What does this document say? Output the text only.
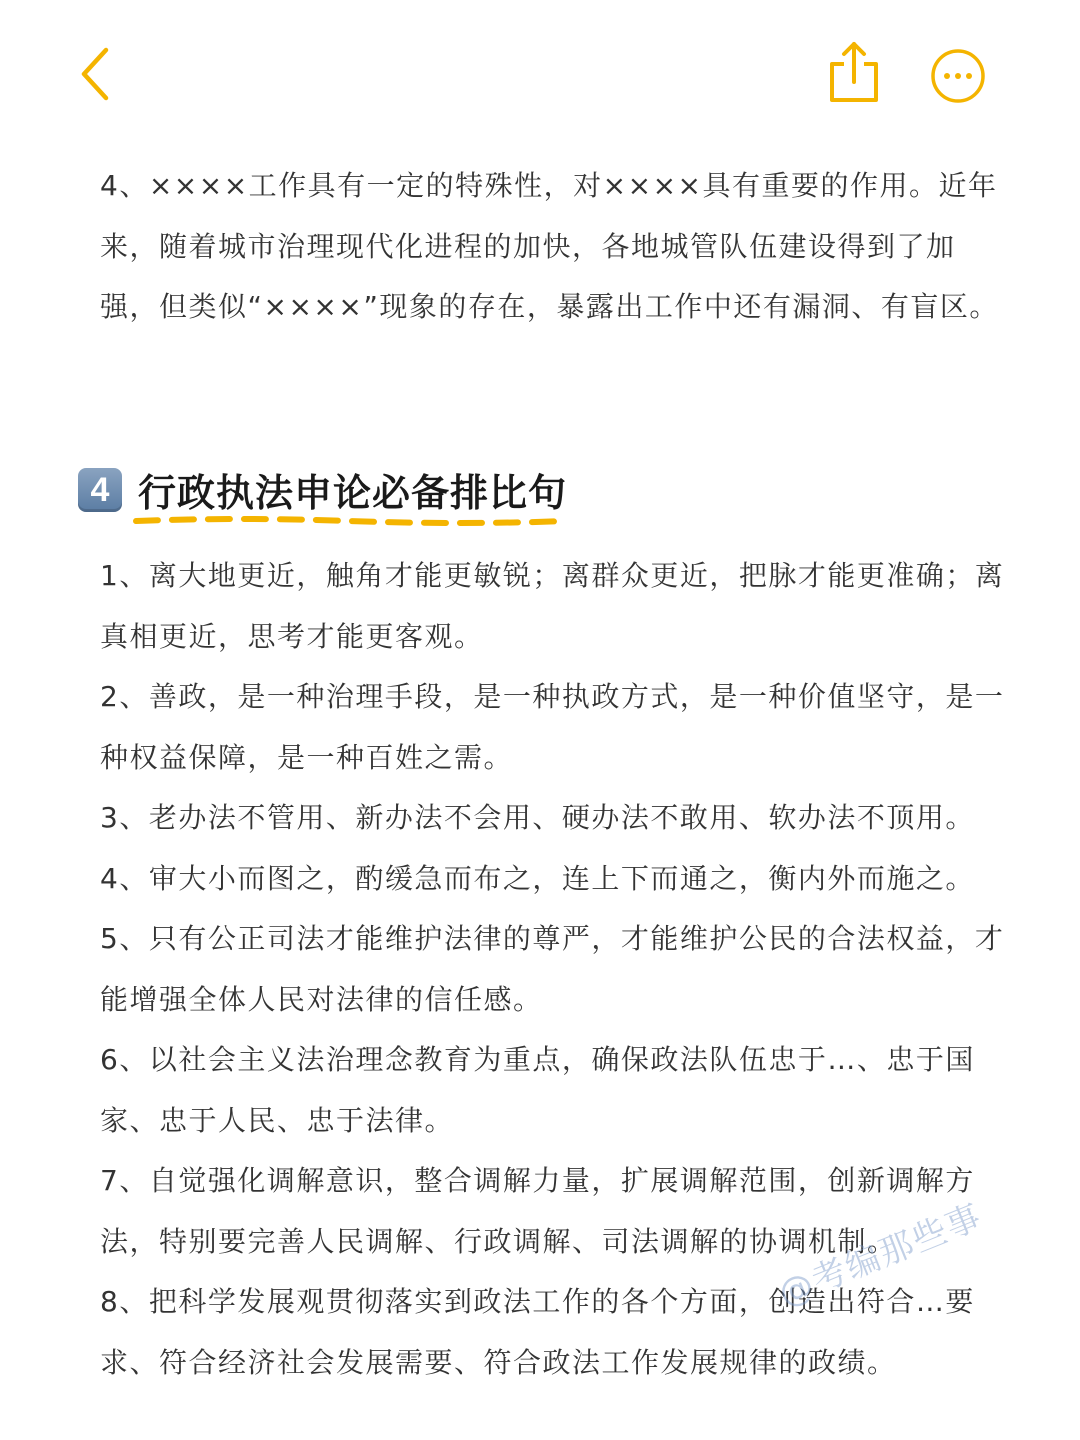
4、××××工作具有一定的特殊性，对××××具有重要的作用。近年来，随着城市治理现代化进程的加快，各地城管队伍建设得到了加强，但类似“××××”现象的存在，暴露出工作中还有漏洞、有盲区。

4 行政执法申论必备排比句
1、离大地更近，触角才能更敏锐；离群众更近，把脉才能更准确；离真相更近，思考才能更客观。
2、善政，是一种治理手段，是一种执政方式，是一种价值坚守，是一种权益保障，是一种百姓之需。
3、老办法不管用、新办法不会用、硬办法不敢用、软办法不顶用。
4、审大小而图之，酌缓急而布之，连上下而通之，衡内外而施之。
5、只有公正司法才能维护法律的尊严，才能维护公民的合法权益，才能增强全体人民对法律的信任感。
6、以社会主义法治理念教育为重点，确保政法队伍忠于…、忠于国家、忠于人民、忠于法律。
7、自觉强化调解意识，整合调解力量，扩展调解范围，创新调解方法，特别要完善人民调解、行政调解、司法调解的协调机制。
8、把科学发展观贯彻落实到政法工作的各个方面，创造出符合…要求、符合经济社会发展需要、符合政法工作发展规律的政绩。
@考编那些事
